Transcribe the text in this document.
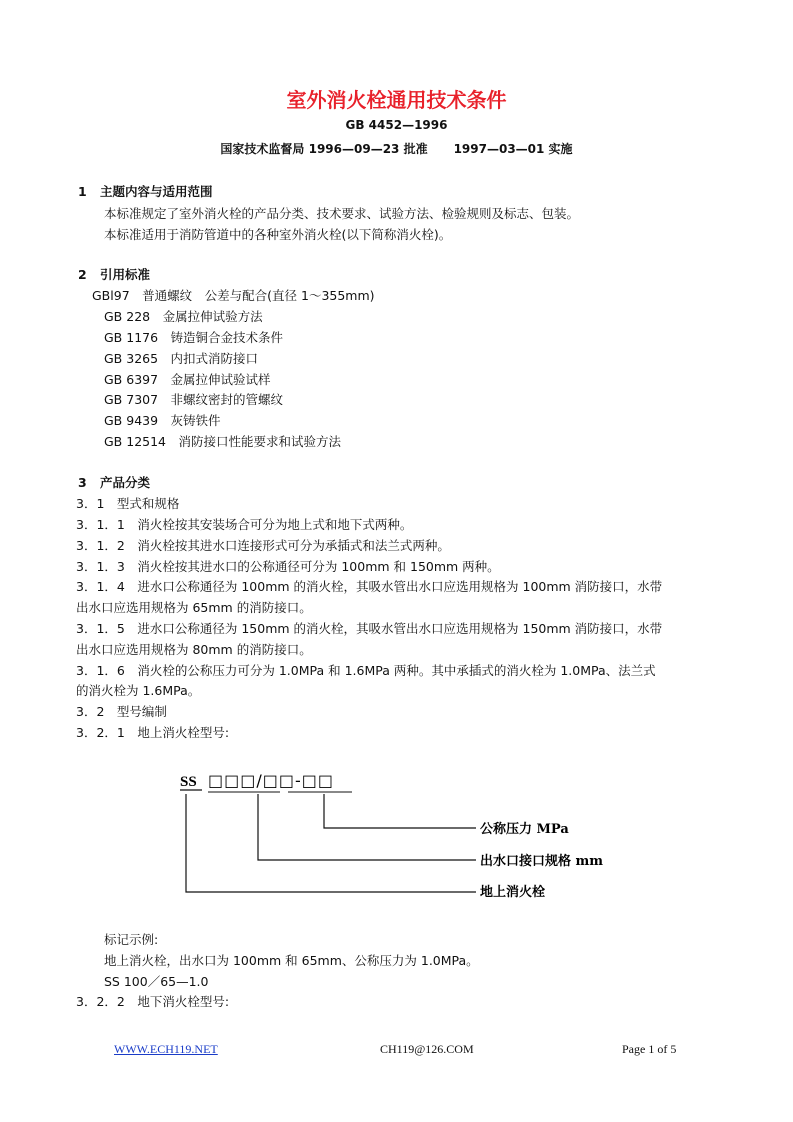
室外消火栓通用技术条件
GB 4452—1996
国家技术监督局 1996—09—23 批准 1997—03—01 实施
1 主题内容与适用范围
本标准规定了室外消火栓的产品分类、技术要求、试验方法、检验规则及标志、包装。
本标准适用于消防管道中的各种室外消火栓(以下简称消火栓)。
2 引用标准
GBl97　普通螺纹　公差与配合(直径 1～355mm)
GB 228　金属拉伸试验方法
GB 1176　铸造铜合金技术条件
GB 3265　内扣式消防接口
GB 6397　金属拉伸试验试样
GB 7307　非螺纹密封的管螺纹
GB 9439　灰铸铁件
GB 12514　消防接口性能要求和试验方法
3 产品分类
3．1　型式和规格
3．1．1　消火栓按其安装场合可分为地上式和地下式两种。
3．1．2　消火栓按其进水口连接形式可分为承插式和法兰式两种。
3．1．3　消火栓按其进水口的公称通径可分为 100mm 和 150mm 两种。
3．1．4　进水口公称通径为 100mm 的消火栓，其吸水管出水口应选用规格为 100mm 消防接口，水带
出水口应选用规格为 65mm 的消防接口。
3．1．5　进水口公称通径为 150mm 的消火栓，其吸水管出水口应选用规格为 150mm 消防接口，水带
出水口应选用规格为 80mm 的消防接口。
3．1．6　消火栓的公称压力可分为 1.0MPa 和 1.6MPa 两种。其中承插式的消火栓为 1.0MPa、法兰式
的消火栓为 1.6MPa。
3．2　型号编制
3．2．1　地上消火栓型号:
SS □□□/□□-□□
公称压力 MPa
出水口接口规格 mm
地上消火栓
标记示例:
地上消火栓，出水口为 100mm 和 65mm、公称压力为 1.0MPa。
SS 100／65—1.0
3．2．2　地下消火栓型号:
WWW.ECH119.NET	CH119@126.COM	Page 1 of 5
